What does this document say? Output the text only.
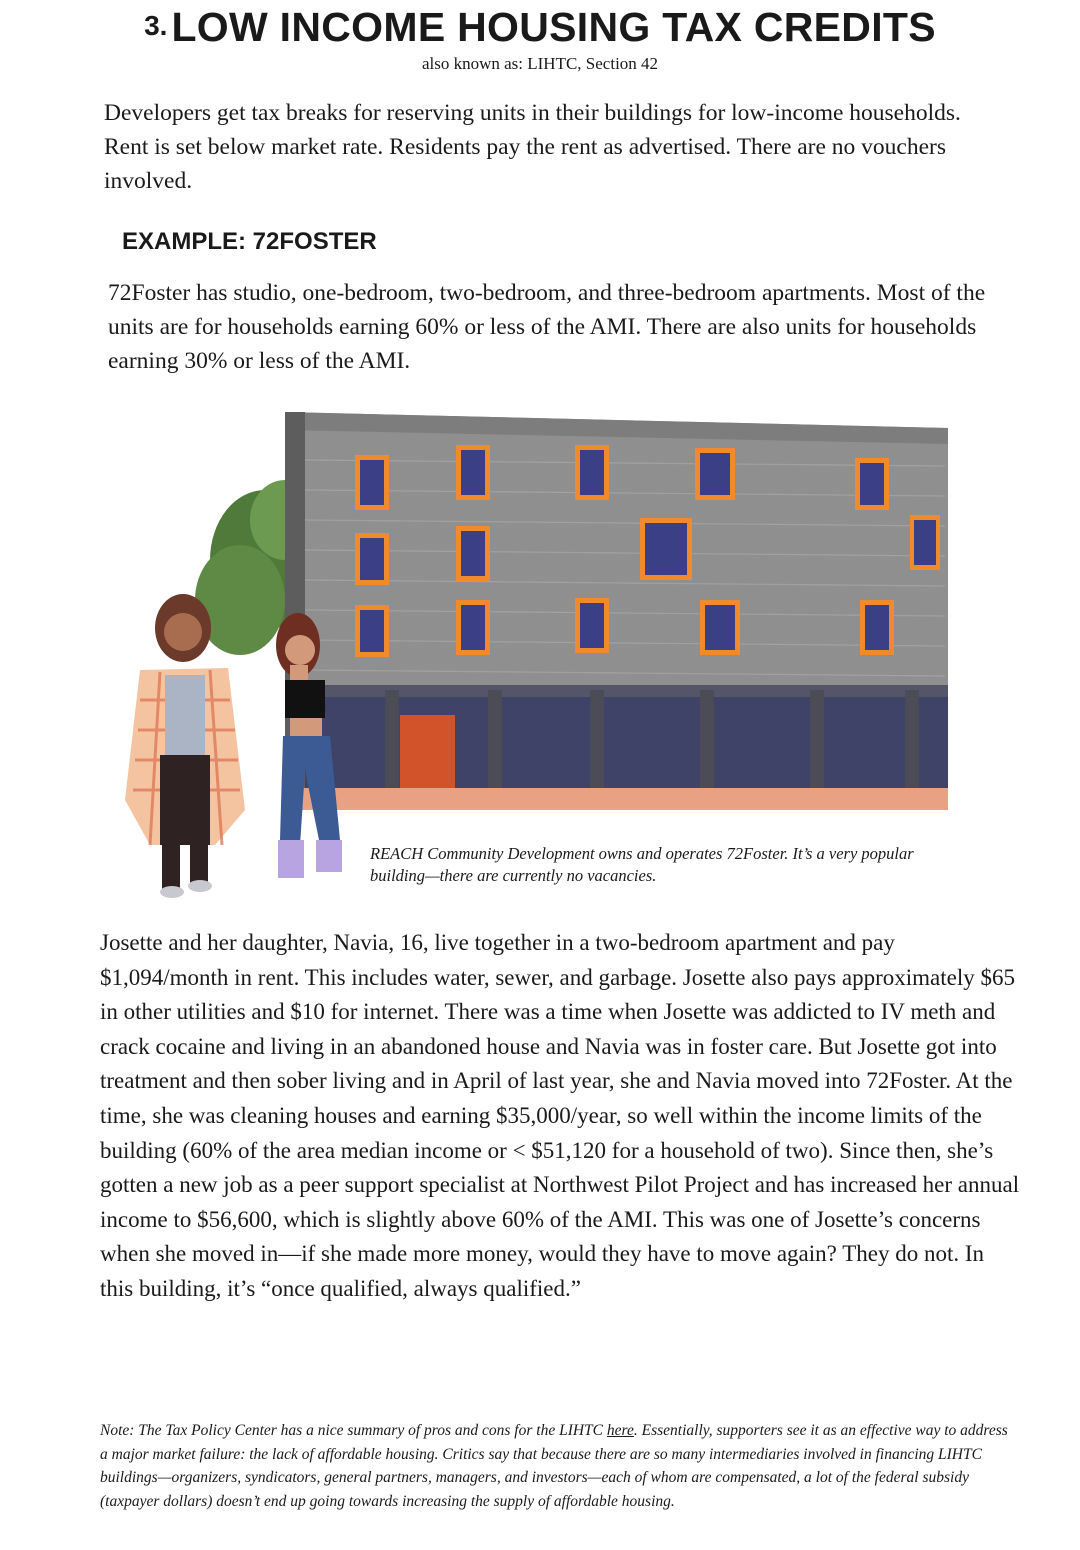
3. LOW INCOME HOUSING TAX CREDITS
also known as: LIHTC, Section 42

Developers get tax breaks for reserving units in their buildings for low-income households. Rent is set below market rate. Residents pay the rent as advertised. There are no vouchers involved.

EXAMPLE: 72FOSTER

72Foster has studio, one-bedroom, two-bedroom, and three-bedroom apartments. Most of the units are for households earning 60% or less of the AMI. There are also units for households earning 30% or less of the AMI.

REACH Community Development owns and operates 72Foster. It’s a very popular building—there are currently no vacancies.

Josette and her daughter, Navia, 16, live together in a two-bedroom apartment and pay $1,094/month in rent. This includes water, sewer, and garbage. Josette also pays approximately $65 in other utilities and $10 for internet. There was a time when Josette was addicted to IV meth and crack cocaine and living in an abandoned house and Navia was in foster care. But Josette got into treatment and then sober living and in April of last year, she and Navia moved into 72Foster. At the time, she was cleaning houses and earning $35,000/year, so well within the income limits of the building (60% of the area median income or < $51,120 for a household of two). Since then, she’s gotten a new job as a peer support specialist at Northwest Pilot Project and has increased her annual income to $56,600, which is slightly above 60% of the AMI. This was one of Josette’s concerns when she moved in—if she made more money, would they have to move again? They do not. In this building, it’s “once qualified, always qualified.”

Note: The Tax Policy Center has a nice summary of pros and cons for the LIHTC here. Essentially, supporters see it as an effective way to address a major market failure: the lack of affordable housing. Critics say that because there are so many intermediaries involved in financing LIHTC buildings—organizers, syndicators, general partners, managers, and investors—each of whom are compensated, a lot of the federal subsidy (taxpayer dollars) doesn’t end up going towards increasing the supply of affordable housing.
